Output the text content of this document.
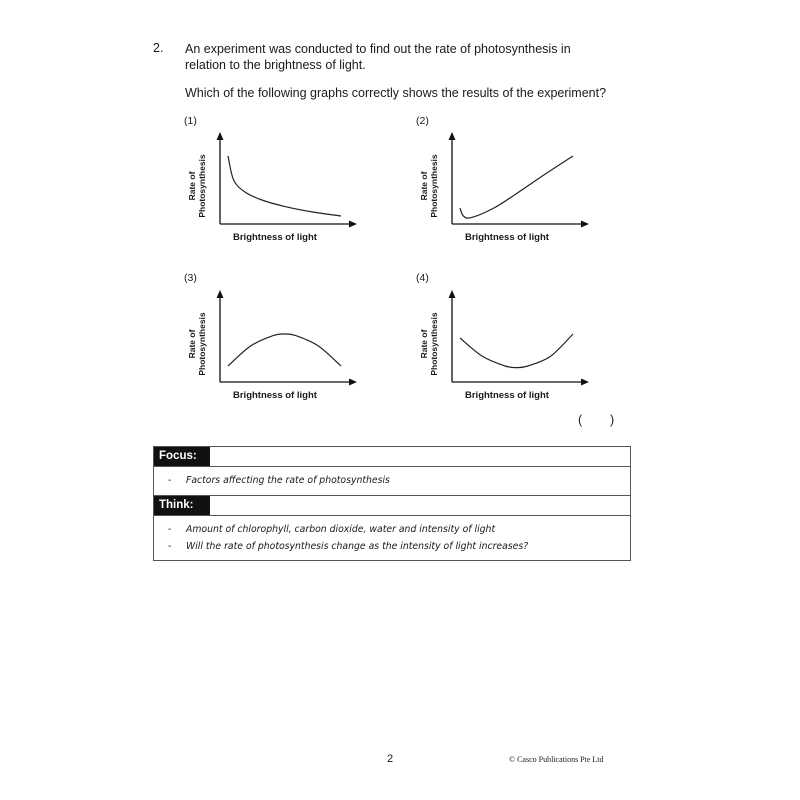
2. An experiment was conducted to find out the rate of photosynthesis in
relation to the brightness of light.
Which of the following graphs correctly shows the results of the experiment?
(1)
Rate of Photosynthesis
Brightness of light
(2)
Rate of Photosynthesis
Brightness of light
(3)
Rate of Photosynthesis
Brightness of light
(4)
Rate of Photosynthesis
Brightness of light
(        )
Focus:
- Factors affecting the rate of photosynthesis
Think:
- Amount of chlorophyll, carbon dioxide, water and intensity of light
- Will the rate of photosynthesis change as the intensity of light increases?
2	© Casco Publications Pte Ltd
